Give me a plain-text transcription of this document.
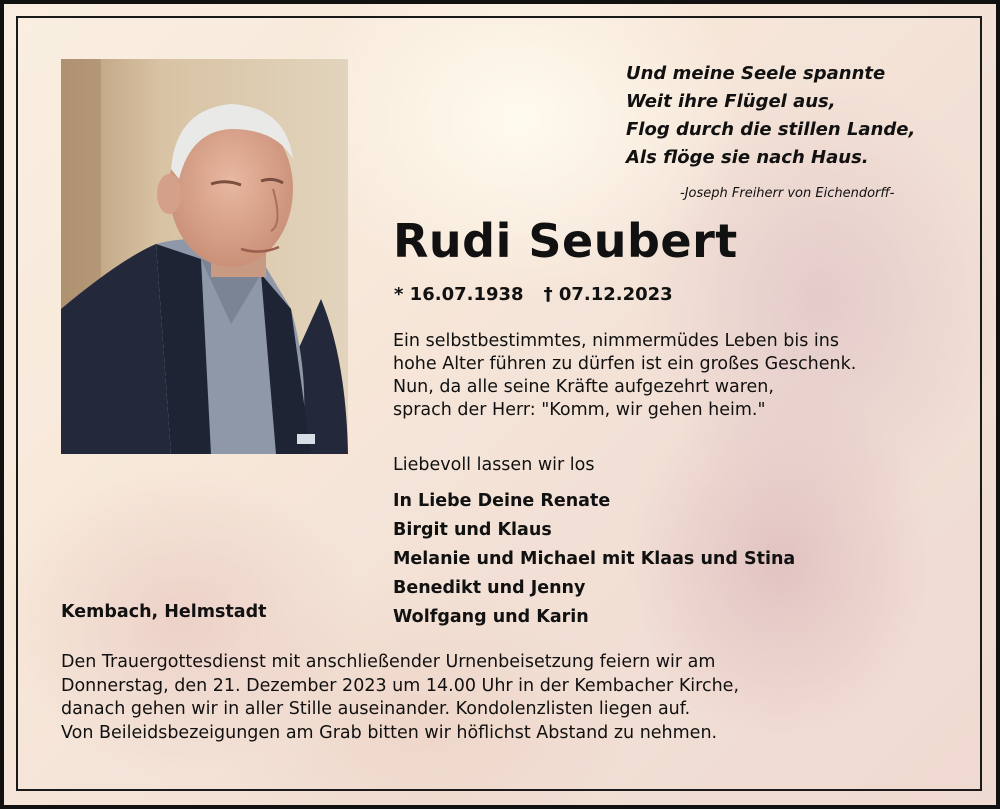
Und meine Seele spannte
Weit ihre Flügel aus,
Flog durch die stillen Lande,
Als flöge sie nach Haus.
-Joseph Freiherr von Eichendorff-
Rudi Seubert
* 16.07.1938 † 07.12.2023
Ein selbstbestimmtes, nimmermüdes Leben bis ins
hohe Alter führen zu dürfen ist ein großes Geschenk.
Nun, da alle seine Kräfte aufgezehrt waren,
sprach der Herr: "Komm, wir gehen heim."
Liebevoll lassen wir los
In Liebe Deine Renate
Birgit und Klaus
Melanie und Michael mit Klaas und Stina
Benedikt und Jenny
Wolfgang und Karin
Kembach, Helmstadt
Den Trauergottesdienst mit anschließender Urnenbeisetzung feiern wir am
Donnerstag, den 21. Dezember 2023 um 14.00 Uhr in der Kembacher Kirche,
danach gehen wir in aller Stille auseinander. Kondolenzlisten liegen auf.
Von Beileidsbezeigungen am Grab bitten wir höflichst Abstand zu nehmen.
